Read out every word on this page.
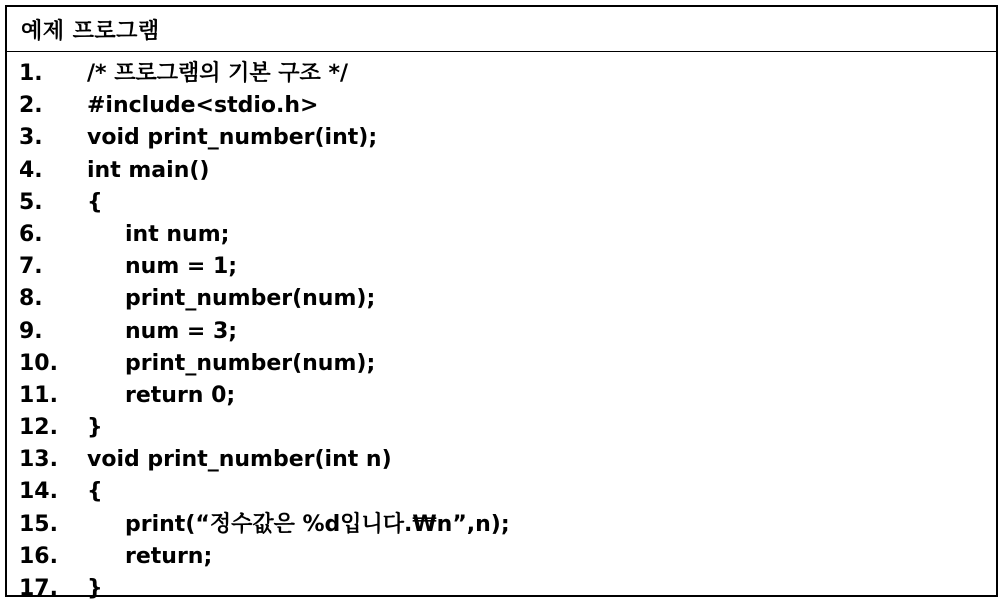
예제 프로그램
1. /* 프로그램의 기본 구조 */
2. #include<stdio.h>
3. void print_number(int);
4. int main()
5. {
6.	int num;
7.	num = 1;
8.	print_number(num);
9.	num = 3;
10.	print_number(num);
11.	return 0;
12. }
13. void print_number(int n)
14. {
15.	print(“정수값은 %d입니다.₩n”,n);
16.	return;
17. }
